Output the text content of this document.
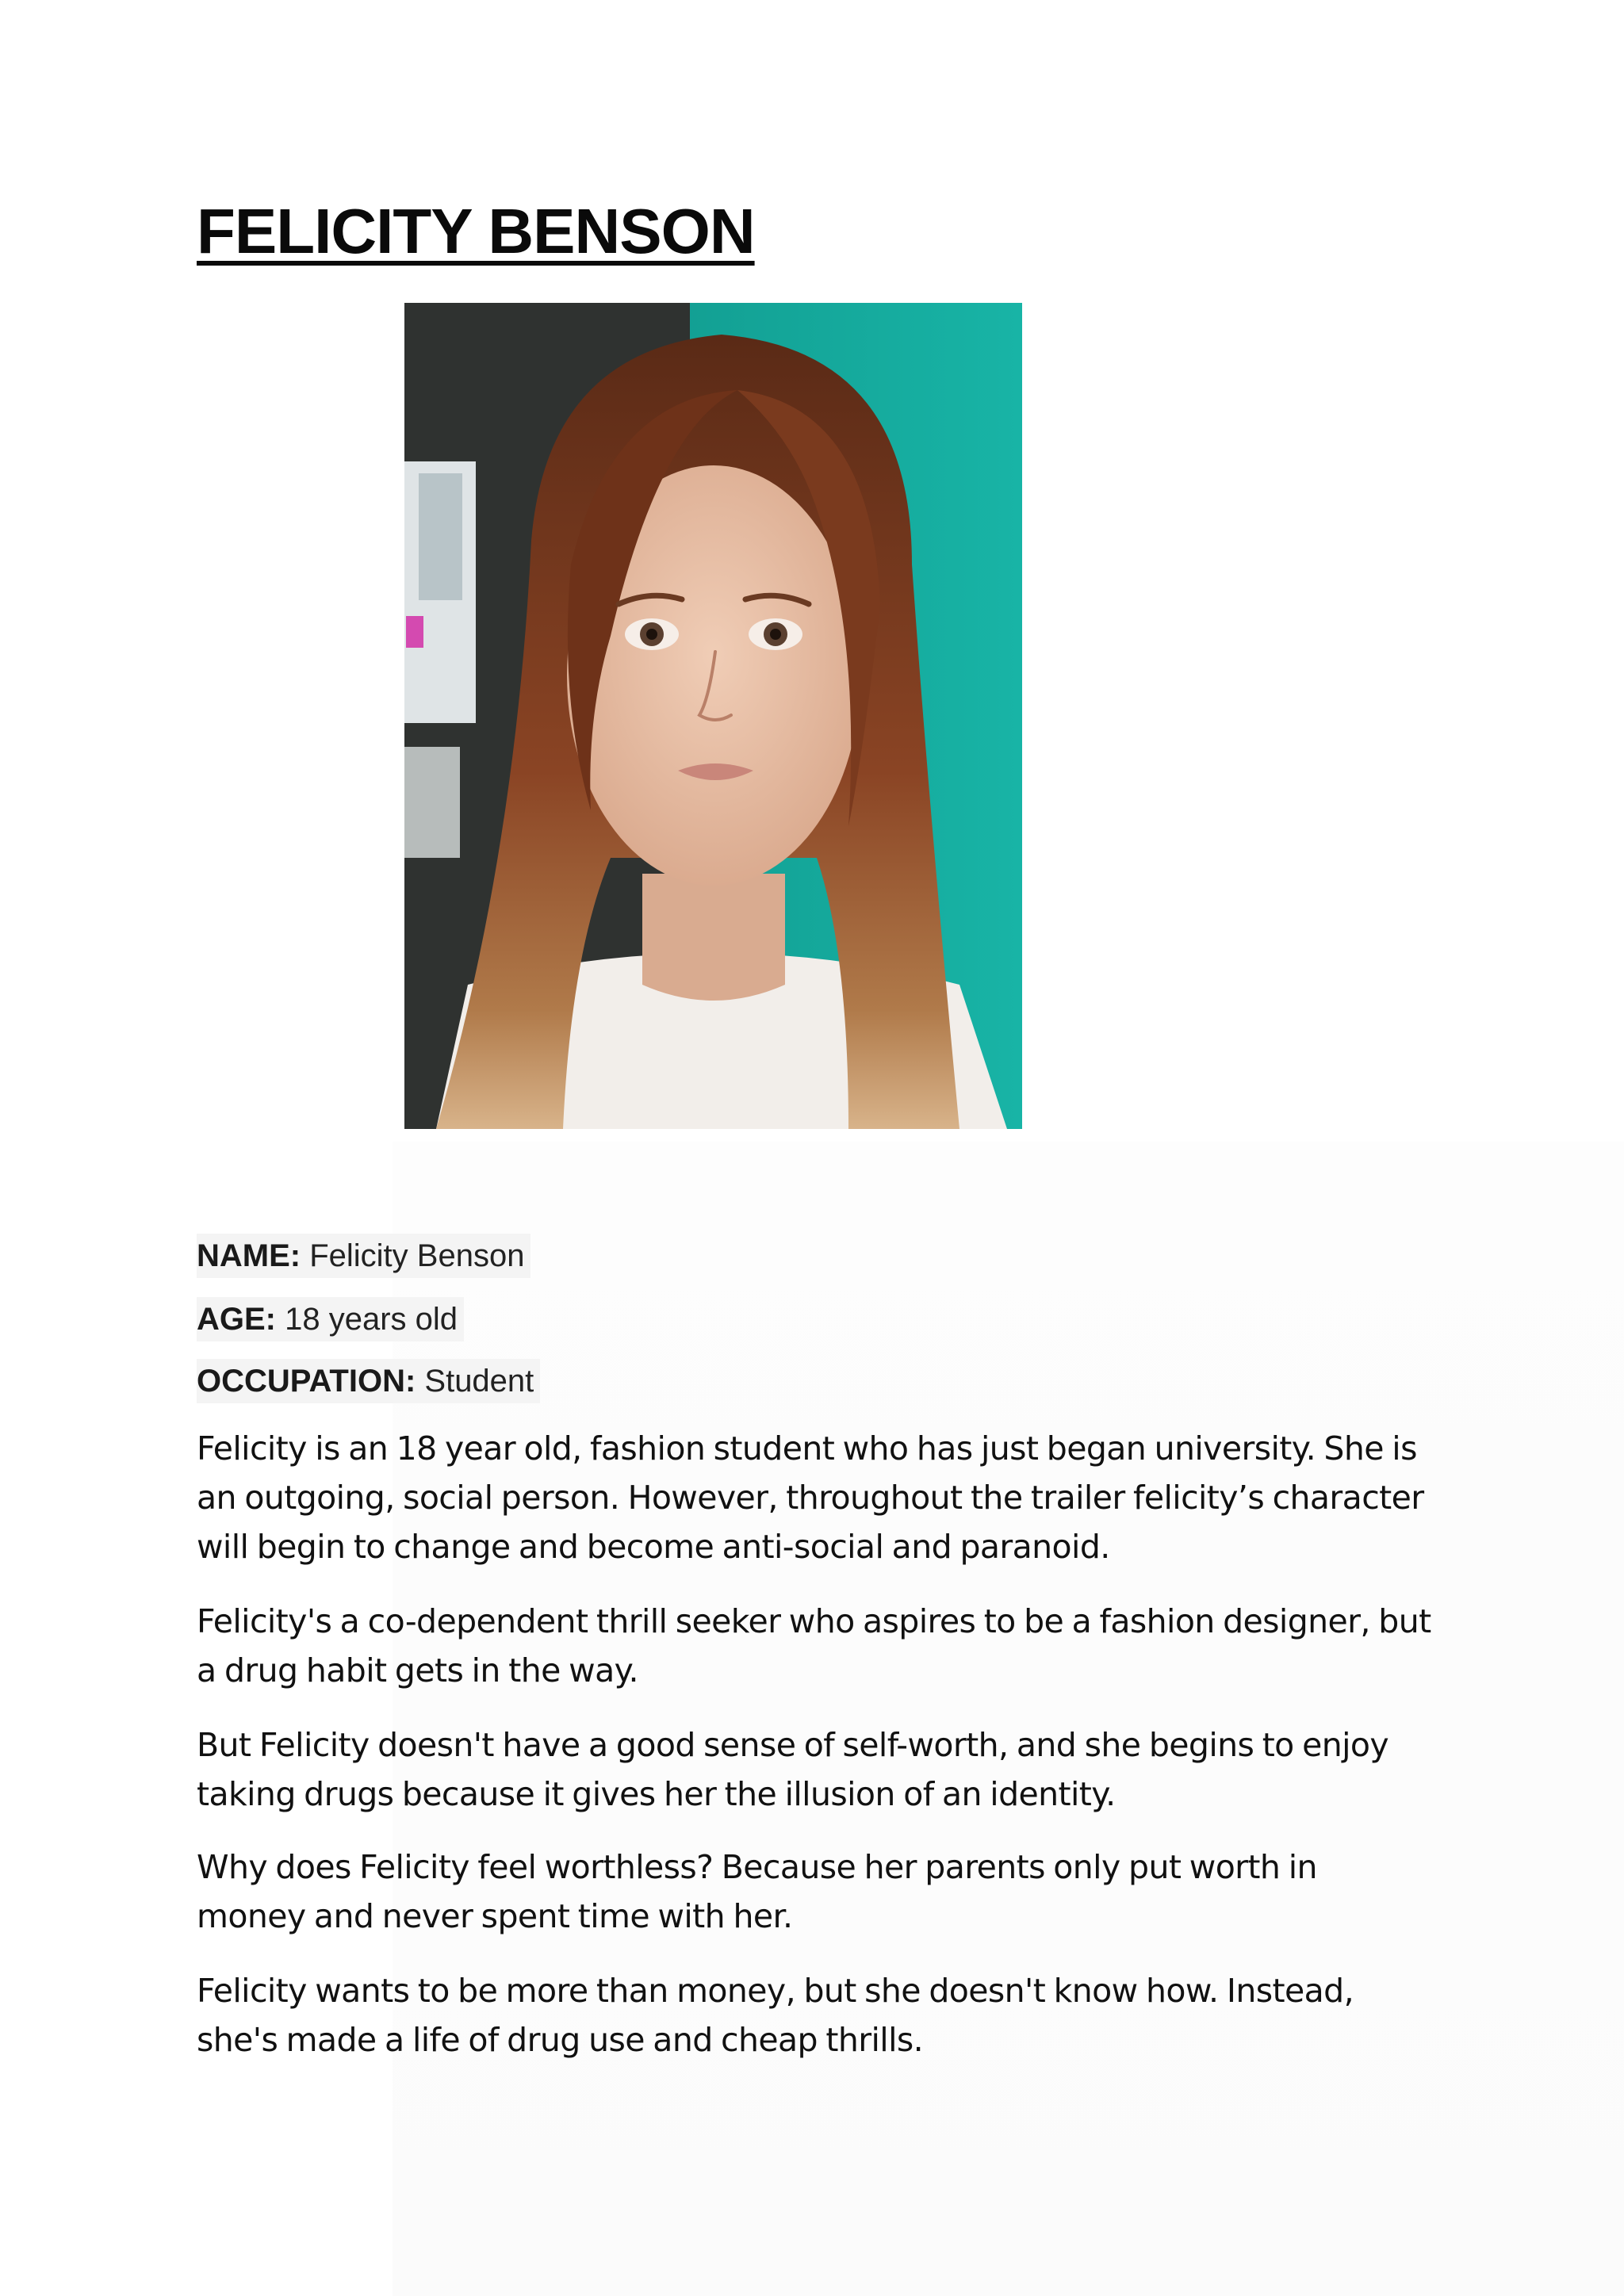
FELICITY BENSON
NAME: Felicity Benson
AGE: 18 years old
OCCUPATION: Student

Felicity is an 18 year old, fashion student who has just began university. She is an outgoing, social person. However, throughout the trailer felicity’s character will begin to change and become anti-social and paranoid.

Felicity's a co-dependent thrill seeker who aspires to be a fashion designer, but a drug habit gets in the way.

But Felicity doesn't have a good sense of self-worth, and she begins to enjoy taking drugs because it gives her the illusion of an identity.

Why does Felicity feel worthless? Because her parents only put worth in money and never spent time with her.

Felicity wants to be more than money, but she doesn't know how. Instead, she's made a life of drug use and cheap thrills.
